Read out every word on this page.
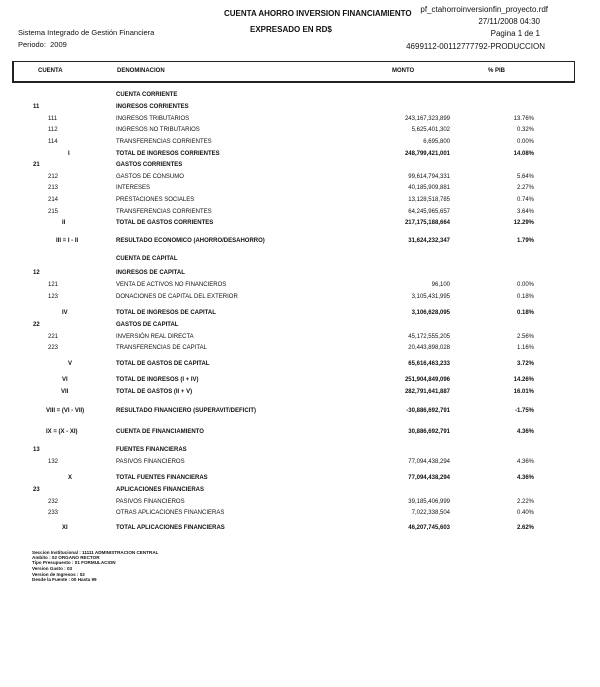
CUENTA AHORRO INVERSION FINANCIAMIENTO
EXPRESADO EN RD$
Sistema Integrado de Gestión Financiera
Periodo: 2009
pf_ctahorroinversionfin_proyecto.rdf
27/11/2008 04:30
Pagina 1 de 1
4699112-00112777792-PRODUCCION
CUENTA	DENOMINACION	MONTO	% PIB
CUENTA CORRIENTE
11	INGRESOS CORRIENTES
111	INGRESOS TRIBUTARIOS	243,167,323,899	13.76%
112	INGRESOS NO TRIBUTARIOS	5,625,401,302	0.32%
114	TRANSFERENCIAS CORRIENTES	6,695,800	0.00%
I	TOTAL DE INGRESOS CORRIENTES	248,799,421,001	14.08%
21	GASTOS CORRIENTES
212	GASTOS DE CONSUMO	99,614,794,331	5.64%
213	INTERESES	40,185,909,881	2.27%
214	PRESTACIONES SOCIALES	13,128,518,785	0.74%
215	TRANSFERENCIAS CORRIENTES	64,245,965,657	3.64%
II	TOTAL DE GASTOS CORRIENTES	217,175,188,664	12.29%
III = I - II	RESULTADO ECONOMICO (AHORRO/DESAHORRO)	31,624,232,347	1.79%
CUENTA DE CAPITAL
12	INGRESOS DE CAPITAL
121	VENTA DE ACTIVOS NO FINANCIEROS	96,100	0.00%
123	DONACIONES DE CAPITAL DEL EXTERIOR	3,105,431,995	0.18%
IV	TOTAL DE INGRESOS DE CAPITAL	3,106,628,095	0.18%
22	GASTOS DE CAPITAL
221	INVERSIÓN REAL DIRECTA	45,172,555,205	2.56%
223	TRANSFERENCIAS DE CAPITAL	20,443,898,028	1.16%
V	TOTAL DE GASTOS DE CAPITAL	65,616,463,233	3.72%
VI	TOTAL DE INGRESOS (I + IV)	251,904,849,096	14.26%
VII	TOTAL DE GASTOS (II + V)	282,791,641,887	16.01%
VIII = (VI - VII)	RESULTADO FINANCIERO (SUPERAVIT/DEFICIT)	-30,886,692,791	-1.75%
IX = (X - XI)	CUENTA DE FINANCIAMIENTO	30,886,692,791	4.36%
13	FUENTES FINANCIERAS
132	PASIVOS FINANCIEROS	77,094,438,294	4.36%
X	TOTAL FUENTES FINANCIERAS	77,094,438,294	4.36%
23	APLICACIONES FINANCIERAS
232	PASIVOS FINANCIEROS	39,185,406,999	2.22%
233	OTRAS APLICACIONES FINANCIERAS	7,022,338,504	0.40%
XI	TOTAL APLICACIONES FINANCIERAS	46,207,745,603	2.62%
Seccion Institucional : 11111 ADMINISTRACION CENTRAL
Ambito : 02 ORGANO RECTOR
Tipo Presupuesto : 01 FORMULACION
Version Gasto : 03
Version de Ingresos : 02
Desde la Fuente : 00 Hasta 99
